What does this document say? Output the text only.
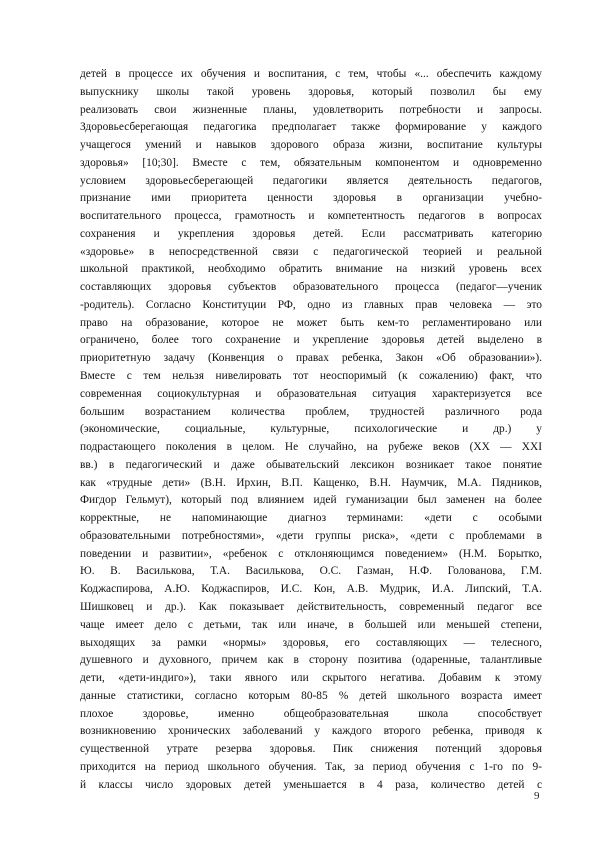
детей в процессе их обучения и воспитания, с тем, чтобы «... обеспечить каждому
выпускнику школы такой уровень здоровья, который позволил бы ему
реализовать свои жизненные планы, удовлетворить потребности и запросы.
Здоровьесберегающая педагогика предполагает также формирование у каждого
учащегося умений и навыков здорового образа жизни, воспитание культуры
здоровья» [10;30]. Вместе с тем, обязательным компонентом и одновременно
условием здоровьесберегающей педагогики является деятельность педагогов,
признание ими приоритета ценности здоровья в организации учебно-
воспитательного процесса, грамотность и компетентность педагогов в вопросах
сохранения и укрепления здоровья детей. Если рассматривать категорию
«здоровье» в непосредственной связи с педагогической теорией и реальной
школьной практикой, необходимо обратить внимание на низкий уровень всех
составляющих здоровья субъектов образовательного процесса (педагог—ученик
-родитель). Согласно Конституции РФ, одно из главных прав человека — это
право на образование, которое не может быть кем-то регламентировано или
ограничено, более того сохранение и укрепление здоровья детей выделено в
приоритетную задачу (Конвенция о правах ребенка, Закон «Об образовании»).
Вместе с тем нельзя нивелировать тот неоспоримый (к сожалению) факт, что
современная социокультурная и образовательная ситуация характеризуется все
большим возрастанием количества проблем, трудностей различного рода
(экономические, социальные, культурные, психологические и др.) у
подрастающего поколения в целом. Не случайно, на рубеже веков (XX — XXI
вв.) в педагогический и даже обывательский лексикон возникает такое понятие
как «трудные дети» (В.Н. Ирхин, В.П. Кащенко, В.Н. Наумчик, М.А. Пядников,
Фигдор Гельмут), который под влиянием идей гуманизации был заменен на более
корректные, не напоминающие диагноз терминами: «дети с особыми
образовательными потребностями», «дети группы риска», «дети с проблемами в
поведении и развитии», «ребенок с отклоняющимся поведением» (Н.М. Борытко,
Ю. В. Василькова, Т.А. Василькова, О.С. Газман, Н.Ф. Голованова, Г.М.
Коджаспирова, А.Ю. Коджаспиров, И.С. Кон, А.В. Мудрик, И.А. Липский, Т.А.
Шишковец и др.). Как показывает действительность, современный педагог все
чаще имеет дело с детьми, так или иначе, в большей или меньшей степени,
выходящих за рамки «нормы» здоровья, его составляющих — телесного,
душевного и духовного, причем как в сторону позитива (одаренные, талантливые
дети, «дети-индиго»), таки явного или скрытого негатива. Добавим к этому
данные статистики, согласно которым 80-85 % детей школьного возраста имеет
плохое здоровье, именно общеобразовательная школа способствует
возникновению хронических заболеваний у каждого второго ребенка, приводя к
существенной утрате резерва здоровья. Пик снижения потенций здоровья
приходится на период школьного обучения. Так, за период обучения с 1-го по 9-
й классы число здоровых детей уменьшается в 4 раза, количество детей с
9
